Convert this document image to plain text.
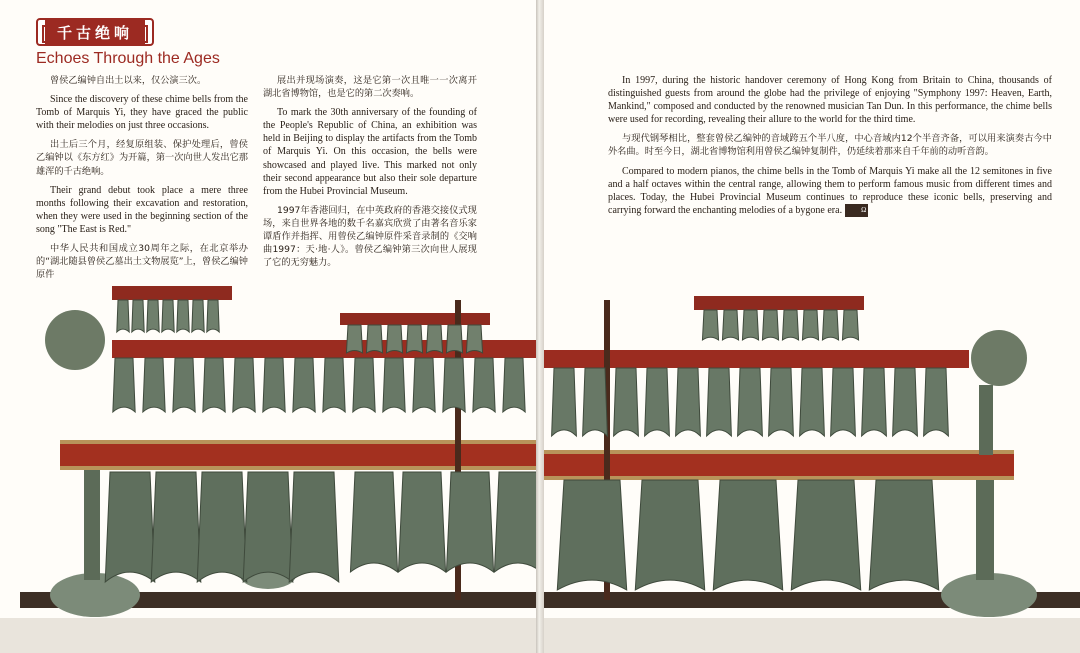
千古绝响
Echoes Through the Ages

曾侯乙编钟自出土以来，仅公演三次。

Since the discovery of these chime bells from the Tomb of Marquis Yi, they have graced the public with their melodies on just three occasions.

出土后三个月，经复原组装、保护处理后，曾侯乙编钟以《东方红》为开篇，第一次向世人发出它那雄浑的千古绝响。

Their grand debut took place a mere three months following their excavation and restoration, when they were used in the beginning section of the song "The East is Red."

中华人民共和国成立30周年之际，在北京举办的“湖北随县曾侯乙墓出土文物展览”上，曾侯乙编钟原件

展出并现场演奏，这是它第一次且唯一一次离开湖北省博物馆，也是它的第二次奏响。

To mark the 30th anniversary of the founding of the People's Republic of China, an exhibition was held in Beijing to display the artifacts from the Tomb of Marquis Yi. On this occasion, the bells were showcased and played live. This marked not only their second appearance but also their sole departure from the Hubei Provincial Museum.

1997年香港回归，在中英政府的香港交接仪式现场，来自世界各地的数千名嘉宾欣赏了由著名音乐家谭盾作并指挥、用曾侯乙编钟原件采音录制的《交响曲1997：天·地·人》。曾侯乙编钟第三次向世人展现了它的无穷魅力。

In 1997, during the historic handover ceremony of Hong Kong from Britain to China, thousands of distinguished guests from around the globe had the privilege of enjoying "Symphony 1997: Heaven, Earth, Mankind," composed and conducted by the renowned musician Tan Dun. In this performance, the chime bells were used for recording, revealing their allure to the world for the third time.

与现代钢琴相比，整套曾侯乙编钟的音域跨五个半八度，中心音域内12个半音齐备，可以用来演奏古今中外名曲。时至今日，湖北省博物馆利用曾侯乙编钟复制件，仍延续着那来自千年前的动听音韵。

Compared to modern pianos, the chime bells in the Tomb of Marquis Yi make all the 12 semitones in five and a half octaves within the central range, allowing them to perform famous music from different times and places. Today, the Hubei Provincial Museum continues to reproduce these iconic bells, preserving and carrying forward the enchanting melodies of a bygone era.	Ω
